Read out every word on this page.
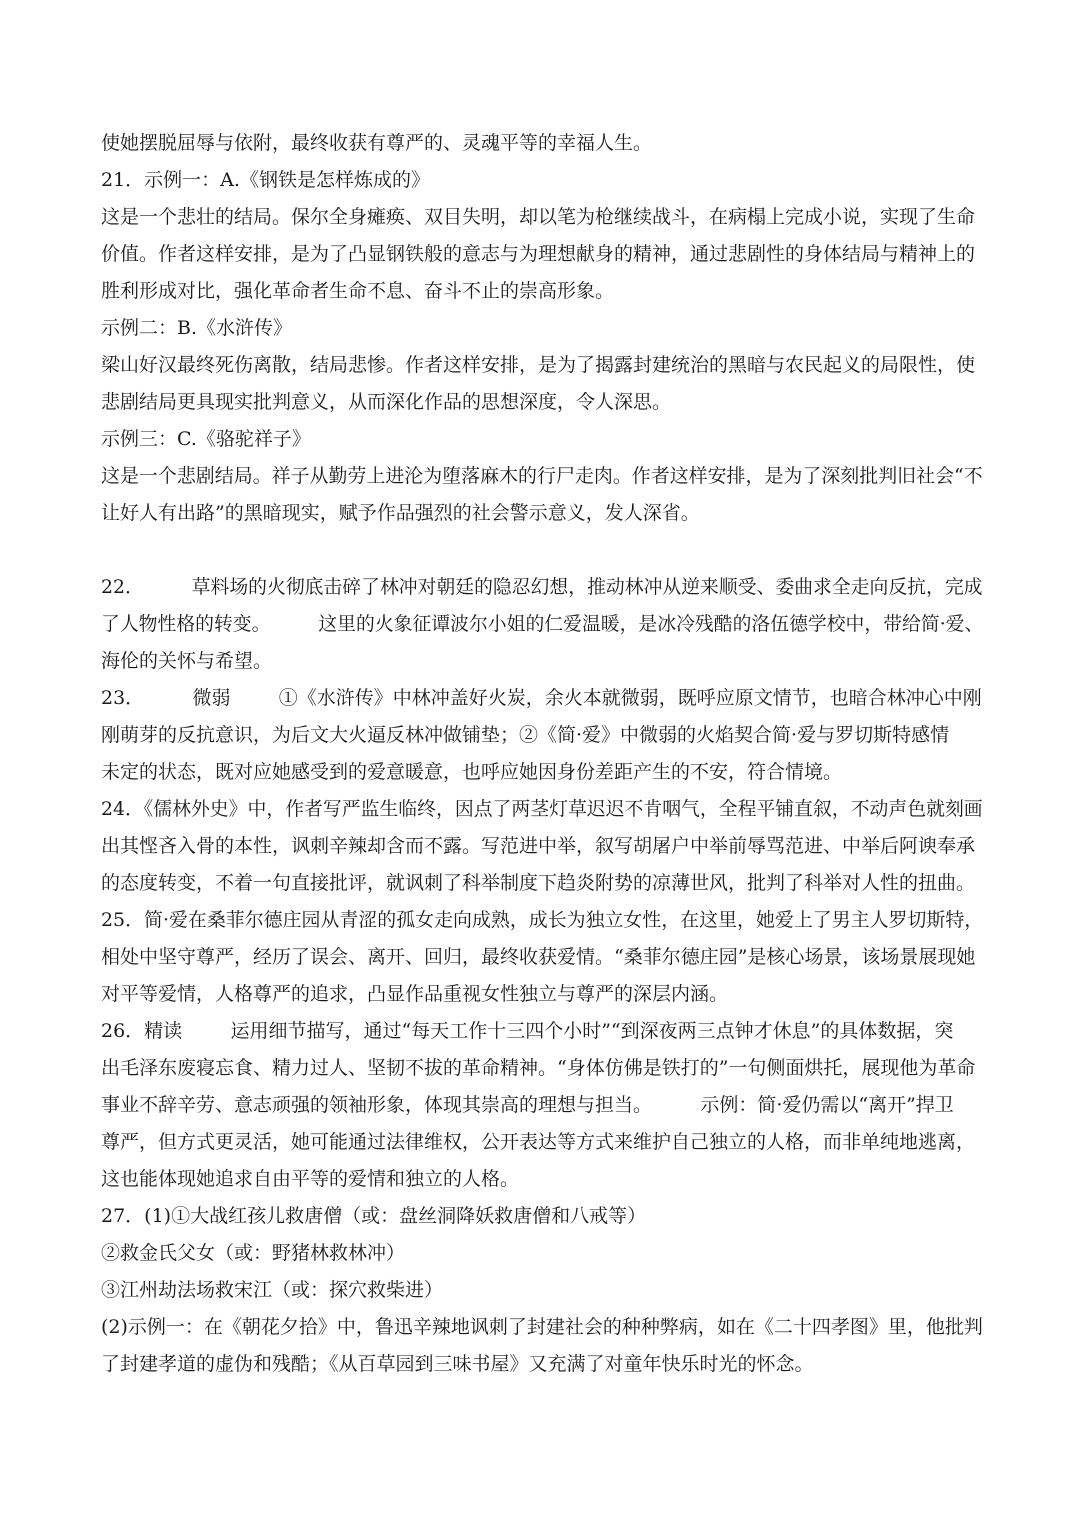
使她摆脱屈辱与依附，最终收获有尊严的、灵魂平等的幸福人生。
21．示例一：A.《钢铁是怎样炼成的》
这是一个悲壮的结局。保尔全身瘫痪、双目失明，却以笔为枪继续战斗，在病榻上完成小说，实现了生命
价值。作者这样安排，是为了凸显钢铁般的意志与为理想献身的精神，通过悲剧性的身体结局与精神上的
胜利形成对比，强化革命者生命不息、奋斗不止的崇高形象。
示例二：B.《水浒传》
梁山好汉最终死伤离散，结局悲惨。作者这样安排，是为了揭露封建统治的黑暗与农民起义的局限性，使
悲剧结局更具现实批判意义，从而深化作品的思想深度，令人深思。
示例三：C.《骆驼祥子》
这是一个悲剧结局。祥子从勤劳上进沦为堕落麻木的行尸走肉。作者这样安排，是为了深刻批判旧社会“不
让好人有出路”的黑暗现实，赋予作品强烈的社会警示意义，发人深省。
22．        草料场的火彻底击碎了林冲对朝廷的隐忍幻想，推动林冲从逆来顺受、委曲求全走向反抗，完成
了人物性格的转变。        这里的火象征谭波尔小姐的仁爱温暖，是冰冷残酷的洛伍德学校中，带给简·爱、
海伦的关怀与希望。
23．        微弱        ①《水浒传》中林冲盖好火炭，余火本就微弱，既呼应原文情节，也暗合林冲心中刚
刚萌芽的反抗意识，为后文大火逼反林冲做铺垫；②《简·爱》中微弱的火焰契合简·爱与罗切斯特感情
未定的状态，既对应她感受到的爱意暖意，也呼应她因身份差距产生的不安，符合情境。
24．《儒林外史》中，作者写严监生临终，因点了两茎灯草迟迟不肯咽气，全程平铺直叙，不动声色就刻画
出其悭吝入骨的本性，讽刺辛辣却含而不露。写范进中举，叙写胡屠户中举前辱骂范进、中举后阿谀奉承
的态度转变，不着一句直接批评，就讽刺了科举制度下趋炎附势的凉薄世风，批判了科举对人性的扭曲。
25．简·爱在桑菲尔德庄园从青涩的孤女走向成熟，成长为独立女性，在这里，她爱上了男主人罗切斯特，
相处中坚守尊严，经历了误会、离开、回归，最终收获爱情。“桑菲尔德庄园”是核心场景，该场景展现她
对平等爱情，人格尊严的追求，凸显作品重视女性独立与尊严的深层内涵。
26．精读        运用细节描写，通过“每天工作十三四个小时”“到深夜两三点钟才休息”的具体数据，突
出毛泽东废寝忘食、精力过人、坚韧不拔的革命精神。“身体仿佛是铁打的”一句侧面烘托，展现他为革命
事业不辞辛劳、意志顽强的领袖形象，体现其崇高的理想与担当。        示例：简·爱仍需以“离开”捍卫
尊严，但方式更灵活，她可能通过法律维权，公开表达等方式来维护自己独立的人格，而非单纯地逃离，
这也能体现她追求自由平等的爱情和独立的人格。
27．(1)①大战红孩儿救唐僧（或：盘丝洞降妖救唐僧和八戒等）
②救金氏父女（或：野猪林救林冲）
③江州劫法场救宋江（或：探穴救柴进）
(2)示例一：在《朝花夕拾》中，鲁迅辛辣地讽刺了封建社会的种种弊病，如在《二十四孝图》里，他批判
了封建孝道的虚伪和残酷；《从百草园到三味书屋》又充满了对童年快乐时光的怀念。
